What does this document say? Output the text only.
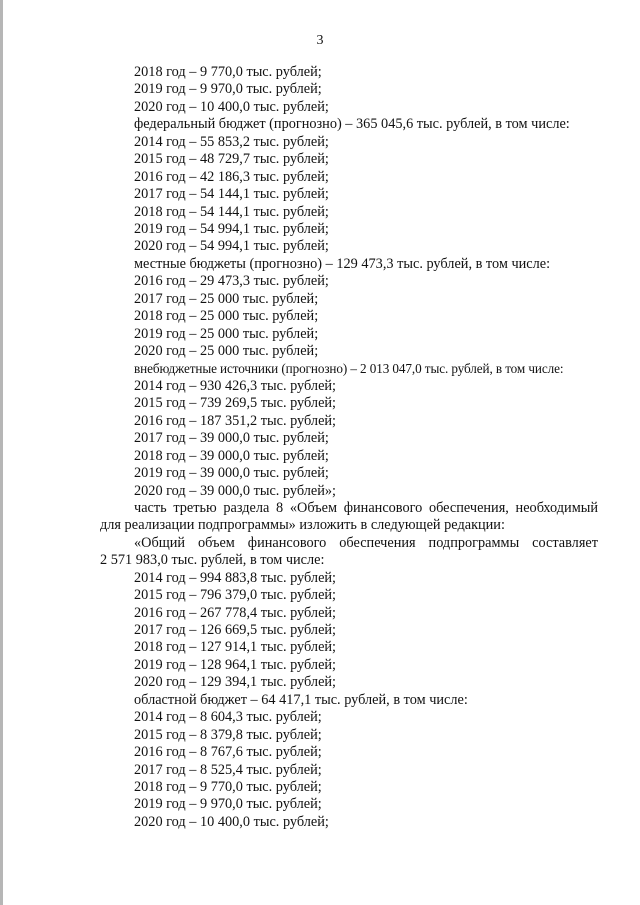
3
2018 год – 9 770,0 тыс. рублей;
2019 год – 9 970,0 тыс. рублей;
2020 год – 10 400,0 тыс. рублей;
федеральный бюджет (прогнозно) – 365 045,6 тыс. рублей, в том числе:
2014 год – 55 853,2 тыс. рублей;
2015 год – 48 729,7 тыс. рублей;
2016 год – 42 186,3 тыс. рублей;
2017 год – 54 144,1 тыс. рублей;
2018 год – 54 144,1 тыс. рублей;
2019 год – 54 994,1 тыс. рублей;
2020 год – 54 994,1 тыс. рублей;
местные бюджеты (прогнозно) – 129 473,3 тыс. рублей, в том числе:
2016 год – 29 473,3 тыс. рублей;
2017 год – 25 000 тыс. рублей;
2018 год – 25 000 тыс. рублей;
2019 год – 25 000 тыс. рублей;
2020 год – 25 000 тыс. рублей;
внебюджетные источники (прогнозно) – 2 013 047,0 тыс. рублей, в том числе:
2014 год – 930 426,3 тыс. рублей;
2015 год – 739 269,5 тыс. рублей;
2016 год – 187 351,2 тыс. рублей;
2017 год – 39 000,0 тыс. рублей;
2018 год – 39 000,0 тыс. рублей;
2019 год – 39 000,0 тыс. рублей;
2020 год – 39 000,0 тыс. рублей»;
часть третью раздела 8 «Объем финансового обеспечения, необходимый
для реализации подпрограммы» изложить в следующей редакции:
«Общий объем финансового обеспечения подпрограммы составляет
2 571 983,0 тыс. рублей, в том числе:
2014 год – 994 883,8 тыс. рублей;
2015 год – 796 379,0 тыс. рублей;
2016 год – 267 778,4 тыс. рублей;
2017 год – 126 669,5 тыс. рублей;
2018 год – 127 914,1 тыс. рублей;
2019 год – 128 964,1 тыс. рублей;
2020 год – 129 394,1 тыс. рублей;
областной бюджет – 64 417,1 тыс. рублей, в том числе:
2014 год – 8 604,3 тыс. рублей;
2015 год – 8 379,8 тыс. рублей;
2016 год – 8 767,6 тыс. рублей;
2017 год – 8 525,4 тыс. рублей;
2018 год – 9 770,0 тыс. рублей;
2019 год – 9 970,0 тыс. рублей;
2020 год – 10 400,0 тыс. рублей;
